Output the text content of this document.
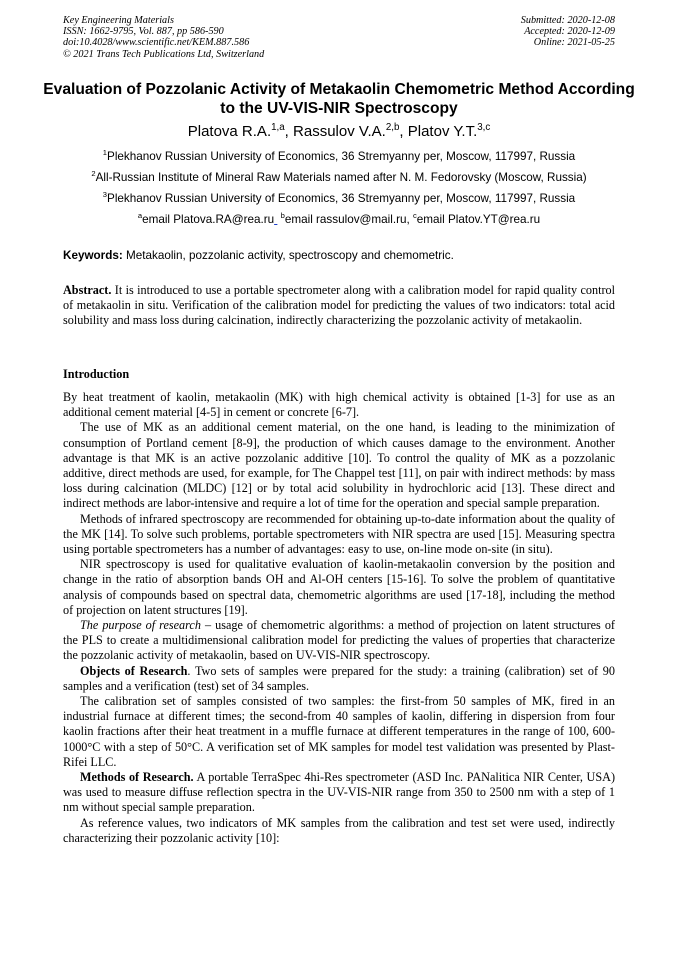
Key Engineering Materials
ISSN: 1662-9795, Vol. 887, pp 586-590
doi:10.4028/www.scientific.net/KEM.887.586
© 2021 Trans Tech Publications Ltd, Switzerland
Submitted: 2020-12-08
Accepted: 2020-12-09
Online: 2021-05-25
Evaluation of Pozzolanic Activity of Metakaolin Chemometric Method According to the UV-VIS-NIR Spectroscopy
Platova R.A.$^{1,a}$, Rassulov V.A.$^{2,b}$, Platov Y.T.$^{3,c}$
$^1$Plekhanov Russian University of Economics, 36 Stremyanny per, Moscow, 117997, Russia
$^2$All-Russian Institute of Mineral Raw Materials named after N. M. Fedorovsky (Moscow, Russia)
$^3$Plekhanov Russian University of Economics, 36 Stremyanny per, Moscow, 117997, Russia
$^a$email Platova.RA@rea.ru $^b$email rassulov@mail.ru, $^c$email Platov.YT@rea.ru
Keywords: Metakaolin, pozzolanic activity, spectroscopy and chemometric.

Abstract. It is introduced to use a portable spectrometer along with a calibration model for rapid quality control of metakaolin in situ. Verification of the calibration model for predicting the values of two indicators: total acid solubility and mass loss during calcination, indirectly characterizing the pozzolanic activity of metakaolin.

Introduction

By heat treatment of kaolin, metakaolin (MK) with high chemical activity is obtained [1-3] for use as an additional cement material [4-5] in cement or concrete [6-7].

The use of MK as an additional cement material, on the one hand, is leading to the minimization of consumption of Portland cement [8-9], the production of which causes damage to the environment. Another advantage is that MK is an active pozzolanic additive [10]. To control the quality of MK as a pozzolanic additive, direct methods are used, for example, for The Chappel test [11], on pair with indirect methods: by mass loss during calcination (MLDC) [12] or by total acid solubility in hydrochloric acid [13]. These direct and indirect methods are labor-intensive and require a lot of time for the operation and special sample preparation.

Methods of infrared spectroscopy are recommended for obtaining up-to-date information about the quality of the MK [14]. To solve such problems, portable spectrometers with NIR spectra are used [15]. Measuring spectra using portable spectrometers has a number of advantages: easy to use, on-line mode on-site (in situ).

NIR spectroscopy is used for qualitative evaluation of kaolin-metakaolin conversion by the position and change in the ratio of absorption bands OH and Al-OH centers [15-16]. To solve the problem of quantitative analysis of compounds based on spectral data, chemometric algorithms are used [17-18], including the method of projection on latent structures [19].

The purpose of research – usage of chemometric algorithms: a method of projection on latent structures of the PLS to create a multidimensional calibration model for predicting the values of properties that characterize the pozzolanic activity of metakaolin, based on UV-VIS-NIR spectroscopy.

Objects of Research. Two sets of samples were prepared for the study: a training (calibration) set of 90 samples and a verification (test) set of 34 samples.

The calibration set of samples consisted of two samples: the first-from 50 samples of MK, fired in an industrial furnace at different times; the second-from 40 samples of kaolin, differing in dispersion from four kaolin fractions after their heat treatment in a muffle furnace at different temperatures in the range of 100, 600-1000°C with a step of 50°C. A verification set of MK samples for model test validation was presented by Plast-Rifei LLC.

Methods of Research. A portable TerraSpec 4hi-Res spectrometer (ASD Inc. PANalitica NIR Center, USA) was used to measure diffuse reflection spectra in the UV-VIS-NIR range from 350 to 2500 nm with a step of 1 nm without special sample preparation.

As reference values, two indicators of MK samples from the calibration and test set were used, indirectly characterizing their pozzolanic activity [10]:
